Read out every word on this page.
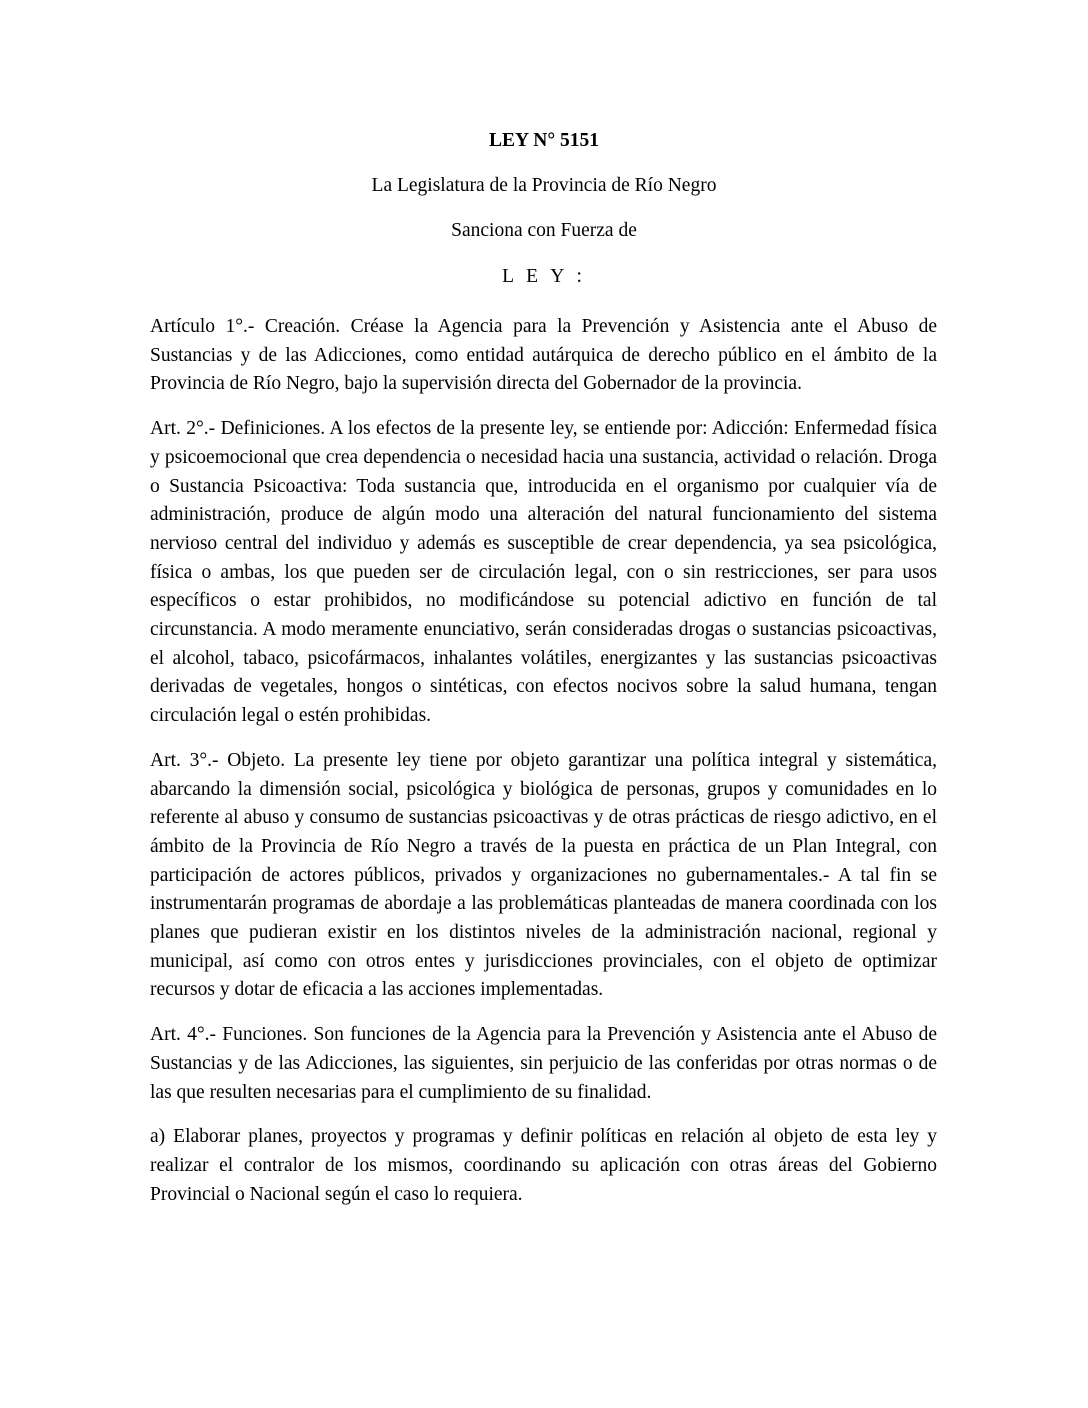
LEY N° 5151

La Legislatura de la Provincia de Río Negro

Sanciona con Fuerza de

L E Y :

Artículo 1°.- Creación. Créase la Agencia para la Prevención y Asistencia ante el Abuso de Sustancias y de las Adicciones, como entidad autárquica de derecho público en el ámbito de la Provincia de Río Negro, bajo la supervisión directa del Gobernador de la provincia.

Art. 2°.- Definiciones. A los efectos de la presente ley, se entiende por: Adicción: Enfermedad física y psicoemocional que crea dependencia o necesidad hacia una sustancia, actividad o relación. Droga o Sustancia Psicoactiva: Toda sustancia que, introducida en el organismo por cualquier vía de administración, produce de algún modo una alteración del natural funcionamiento del sistema nervioso central del individuo y además es susceptible de crear dependencia, ya sea psicológica, física o ambas, los que pueden ser de circulación legal, con o sin restricciones, ser para usos específicos o estar prohibidos, no modificándose su potencial adictivo en función de tal circunstancia. A modo meramente enunciativo, serán consideradas drogas o sustancias psicoactivas, el alcohol, tabaco, psicofármacos, inhalantes volátiles, energizantes y las sustancias psicoactivas derivadas de vegetales, hongos o sintéticas, con efectos nocivos sobre la salud humana, tengan circulación legal o estén prohibidas.

Art. 3°.- Objeto. La presente ley tiene por objeto garantizar una política integral y sistemática, abarcando la dimensión social, psicológica y biológica de personas, grupos y comunidades en lo referente al abuso y consumo de sustancias psicoactivas y de otras prácticas de riesgo adictivo, en el ámbito de la Provincia de Río Negro a través de la puesta en práctica de un Plan Integral, con participación de actores públicos, privados y organizaciones no gubernamentales.- A tal fin se instrumentarán programas de abordaje a las problemáticas planteadas de manera coordinada con los planes que pudieran existir en los distintos niveles de la administración nacional, regional y municipal, así como con otros entes y jurisdicciones provinciales, con el objeto de optimizar recursos y dotar de eficacia a las acciones implementadas.

Art. 4°.- Funciones. Son funciones de la Agencia para la Prevención y Asistencia ante el Abuso de Sustancias y de las Adicciones, las siguientes, sin perjuicio de las conferidas por otras normas o de las que resulten necesarias para el cumplimiento de su finalidad.

a) Elaborar planes, proyectos y programas y definir políticas en relación al objeto de esta ley y realizar el contralor de los mismos, coordinando su aplicación con otras áreas del Gobierno Provincial o Nacional según el caso lo requiera.
